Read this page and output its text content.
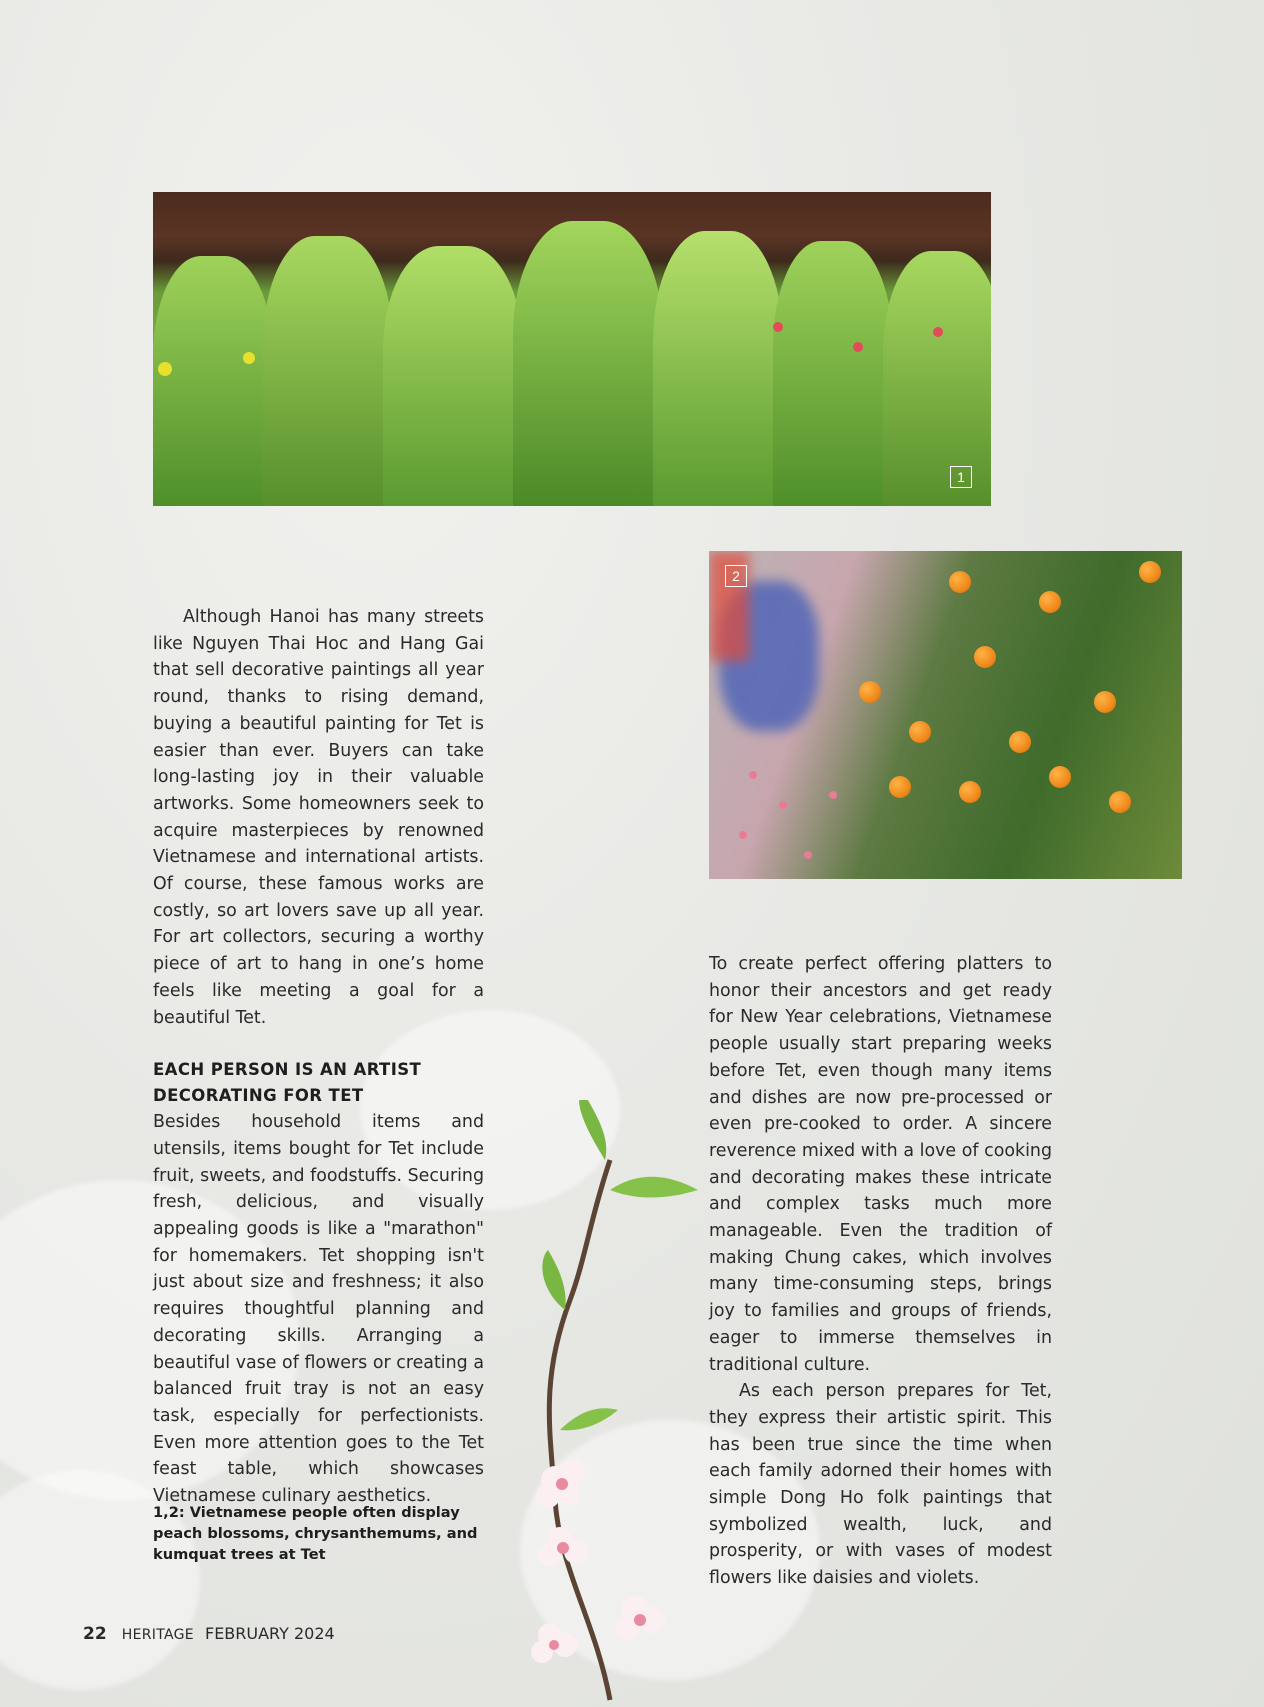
1
2

Although Hanoi has many streets like Nguyen Thai Hoc and Hang Gai that sell decorative paintings all year round, thanks to rising demand, buying a beautiful painting for Tet is easier than ever. Buyers can take long-lasting joy in their valuable artworks. Some homeowners seek to acquire masterpieces by renowned Vietnamese and international artists. Of course, these famous works are costly, so art lovers save up all year. For art collectors, securing a worthy piece of art to hang in one’s home feels like meeting a goal for a beautiful Tet.

EACH PERSON IS AN ARTIST DECORATING FOR TET

Besides household items and utensils, items bought for Tet include fruit, sweets, and foodstuffs. Securing fresh, delicious, and visually appealing goods is like a "marathon" for homemakers. Tet shopping isn't just about size and freshness; it also requires thoughtful planning and decorating skills. Arranging a beautiful vase of flowers or creating a balanced fruit tray is not an easy task, especially for perfectionists. Even more attention goes to the Tet feast table, which showcases Vietnamese culinary aesthetics.

To create perfect offering platters to honor their ancestors and get ready for New Year celebrations, Vietnamese people usually start preparing weeks before Tet, even though many items and dishes are now pre-processed or even pre-cooked to order. A sincere reverence mixed with a love of cooking and decorating makes these intricate and complex tasks much more manageable. Even the tradition of making Chung cakes, which involves many time-consuming steps, brings joy to families and groups of friends, eager to immerse themselves in traditional culture.

As each person prepares for Tet, they express their artistic spirit. This has been true since the time when each family adorned their homes with simple Dong Ho folk paintings that symbolized wealth, luck, and prosperity, or with vases of modest flowers like daisies and violets.

1,2: Vietnamese people often display peach blossoms, chrysanthemums, and kumquat trees at Tet
22 HERITAGE FEBRUARY 2024
